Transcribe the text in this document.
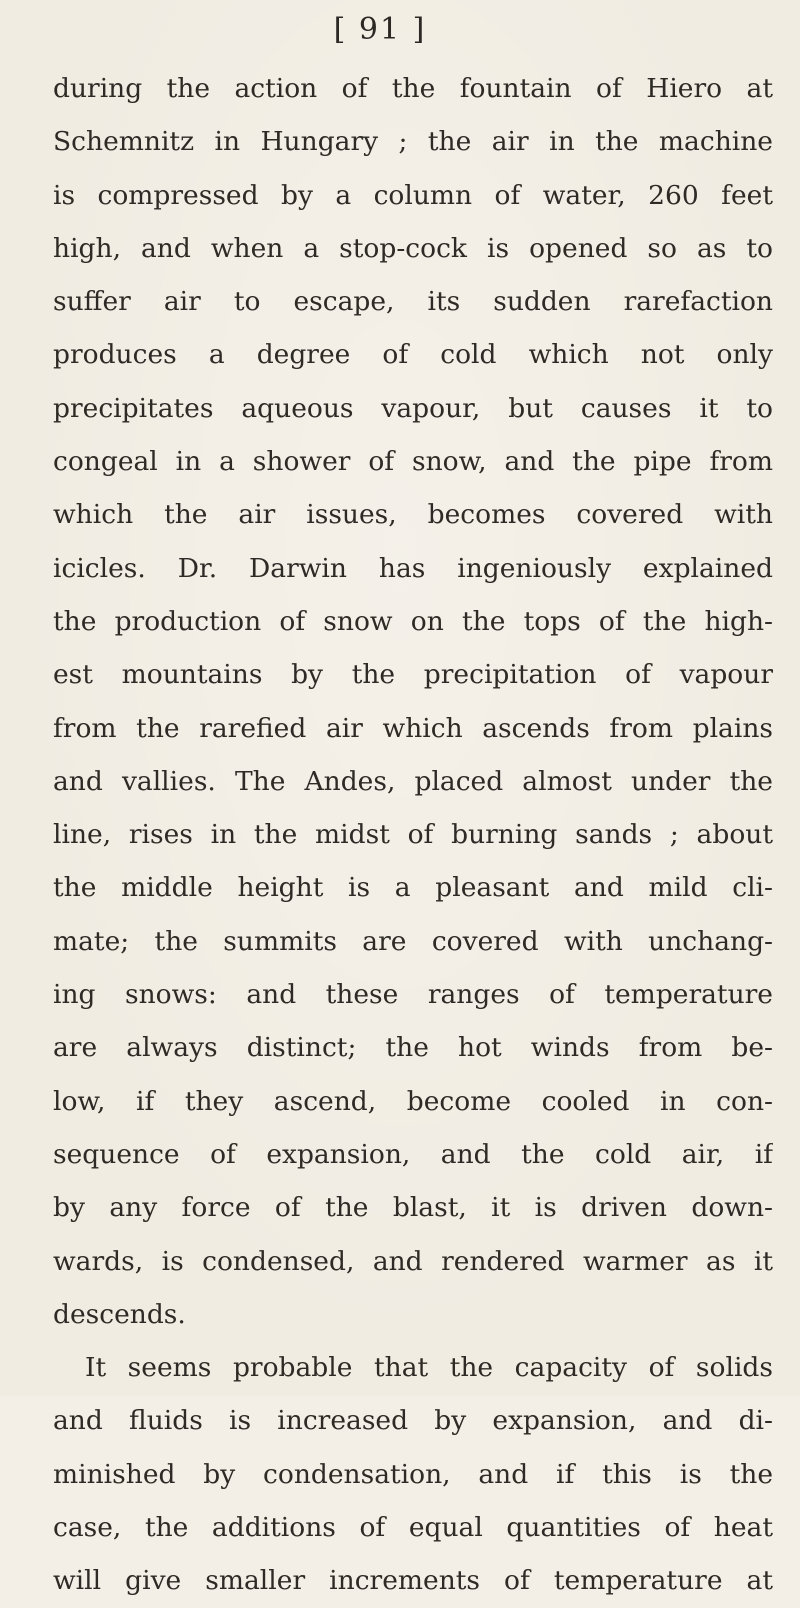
[ 91 ]
during the action of the fountain of Hiero at
Schemnitz in Hungary ; the air in the machine
is compressed by a column of water, 260 feet
high, and when a stop-cock is opened so as to
suffer air to escape, its sudden rarefaction
produces a degree of cold which not only
precipitates aqueous vapour, but causes it to
congeal in a shower of snow, and the pipe from
which the air issues, becomes covered with
icicles. Dr. Darwin has ingeniously explained
the production of snow on the tops of the high-
est mountains by the precipitation of vapour
from the rarefied air which ascends from plains
and vallies. The Andes, placed almost under the
line, rises in the midst of burning sands ; about
the middle height is a pleasant and mild cli-
mate; the summits are covered with unchang-
ing snows: and these ranges of temperature
are always distinct; the hot winds from be-
low, if they ascend, become cooled in con-
sequence of expansion, and the cold air, if
by any force of the blast, it is driven down-
wards, is condensed, and rendered warmer as it
descends.
It seems probable that the capacity of solids
and fluids is increased by expansion, and di-
minished by condensation, and if this is the
case, the additions of equal quantities of heat
will give smaller increments of temperature at
